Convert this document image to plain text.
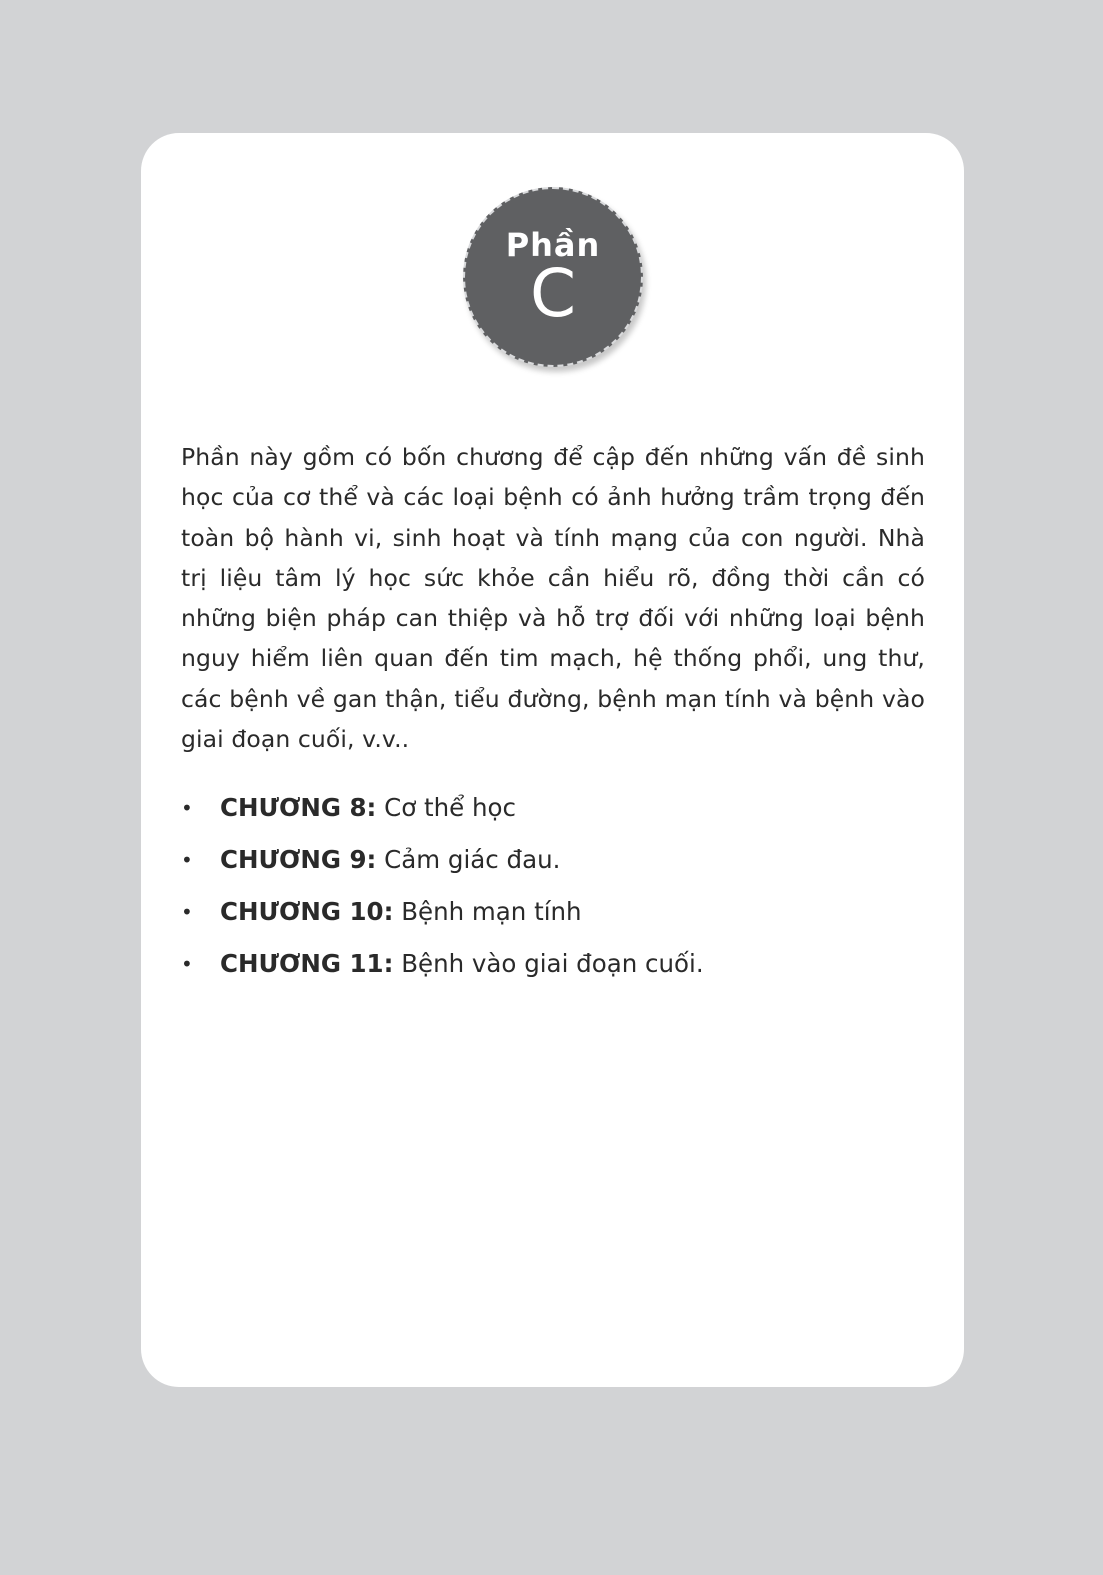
Phần
C

Phần này gồm có bốn chương để cập đến những vấn đề sinh học của cơ thể và các loại bệnh có ảnh hưởng trầm trọng đến toàn bộ hành vi, sinh hoạt và tính mạng của con người. Nhà trị liệu tâm lý học sức khỏe cần hiểu rõ, đồng thời cần có những biện pháp can thiệp và hỗ trợ đối với những loại bệnh nguy hiểm liên quan đến tim mạch, hệ thống phổi, ung thư, các bệnh về gan thận, tiểu đường, bệnh mạn tính và bệnh vào giai đoạn cuối, v.v..

• CHƯƠNG 8: Cơ thể học
• CHƯƠNG 9: Cảm giác đau.
• CHƯƠNG 10: Bệnh mạn tính
• CHƯƠNG 11: Bệnh vào giai đoạn cuối.
